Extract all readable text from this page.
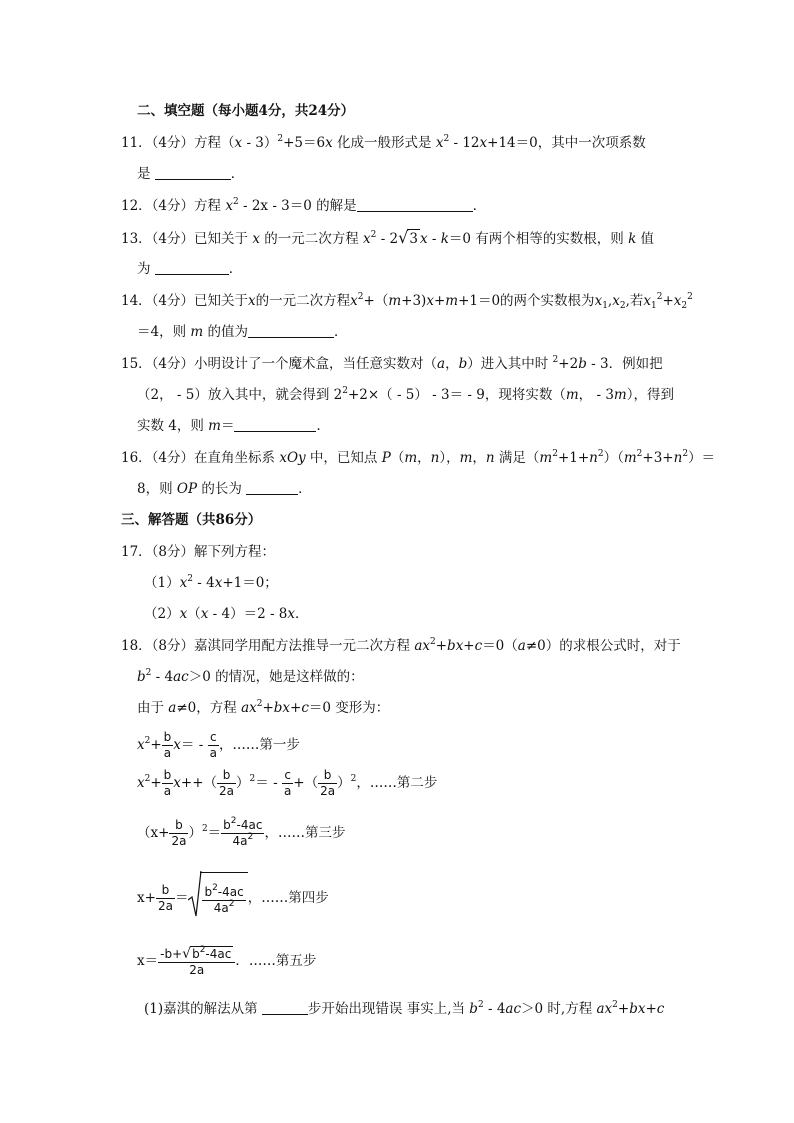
二、填空题（每小题4分，共24分）
11．（4分）方程（x - 3）$^2$+5＝6x 化成一般形式是 $x^2 - 12x+14=0$，其中一次项系数
是	．
12．（4分）方程 $x^2 - 2x - 3=0$ 的解是	．
13．（4分）已知关于 x 的一元二次方程 $x^2 - 2√3$ x - k＝0 有两个相等的实数根，则 k 值
为	．
14．（4分）已知关于x的一元二次方程$x^2+(m+3)x+m+1=0$的两个实数根为$x_1,x_2$,若$x_1^2+x_2^2$
＝4，则 m 的值为	．
15．（4分）小明设计了一个魔术盒，当任意实数对（a，b）进入其中时 $^2$+2b - 3．例如把
（2， - 5）放入其中，就会得到 $2^2+2\times( - 5) - 3= - 9$，现将实数（m， - 3m），得到
实数 4，则 m＝	．
16．（4分）在直角坐标系 xOy 中，已知点 P（m，n），m，n 满足$(m^2+1+n^2)(m^2+3+n^2)=$
8，则 OP 的长为	．
三、解答题（共86分）
17．（8分）解下列方程：
$(1)x^2 - 4x+1=0$；
（2）x（x - 4）＝2 - 8x．
18．（8分）嘉淇同学用配方法推导一元二次方程 $ax^2+bx+c=0(a\ne 0)$的求根公式时，对于
$b^2 - 4ac>0$ 的情况，她是这样做的：
由于 a≠0，方程 $ax^2+bx+c=0$ 变形为：
$x^2+ \frac{b}{a} x= - \frac{c}{a}$ ，……第一步
$x^2+ \frac{b}{a} x++( \frac{b}{2a} )^2= - \frac{c}{a}$ +（ $\frac{b}{2a} )^2$，……第二步
$(x+ \frac{b}{2a} )^2= \frac{b^2-4ac}{4a^2}$ ，……第三步
$x+ \frac{b}{2a} = \frac{b^2-4ac}{4a^2}$ ，……第四步
$x= \frac{-b+√b^2-4ac}{2a}$ ．……第五步
(1)嘉淇的解法从第	步开始出现错误 事实上,当 $b^2 - 4ac>0$ 时,方程 $ax^2+bx+c$
